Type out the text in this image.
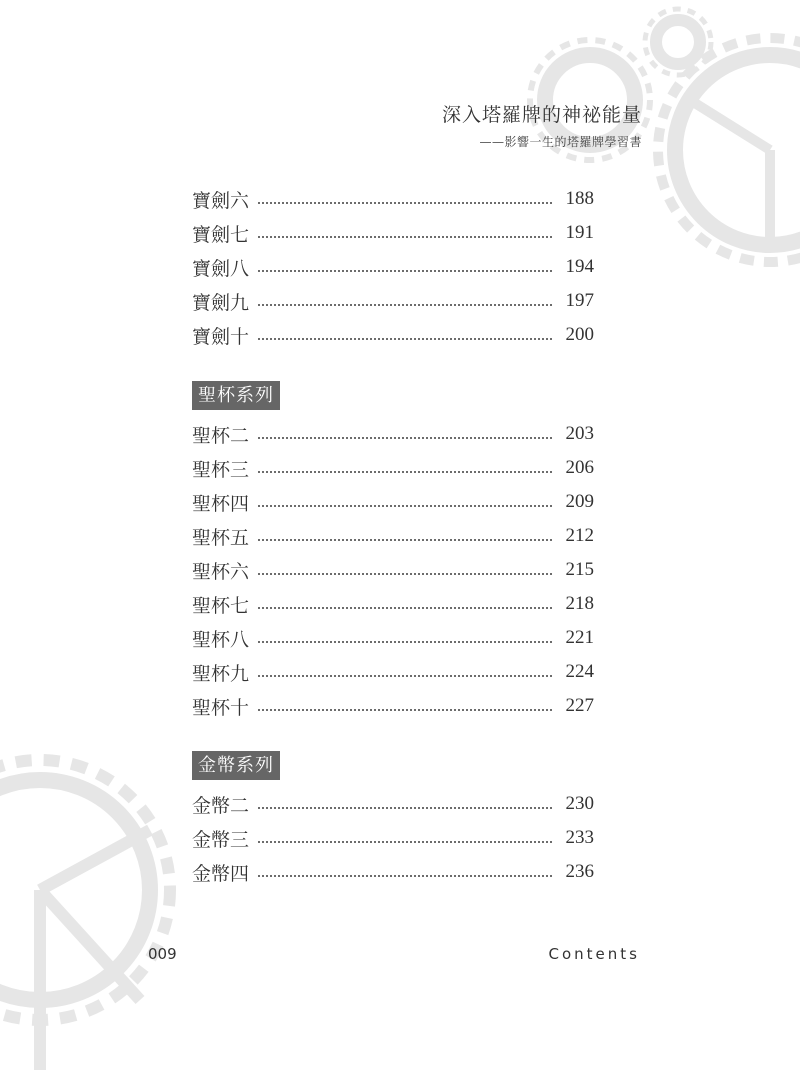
深入塔羅牌的神祕能量
——影響一生的塔羅牌學習書
寶劍六	188
寶劍七	191
寶劍八	194
寶劍九	197
寶劍十	200
聖杯系列
聖杯二	203
聖杯三	206
聖杯四	209
聖杯五	212
聖杯六	215
聖杯七	218
聖杯八	221
聖杯九	224
聖杯十	227
金幣系列
金幣二	230
金幣三	233
金幣四	236
009	Contents
